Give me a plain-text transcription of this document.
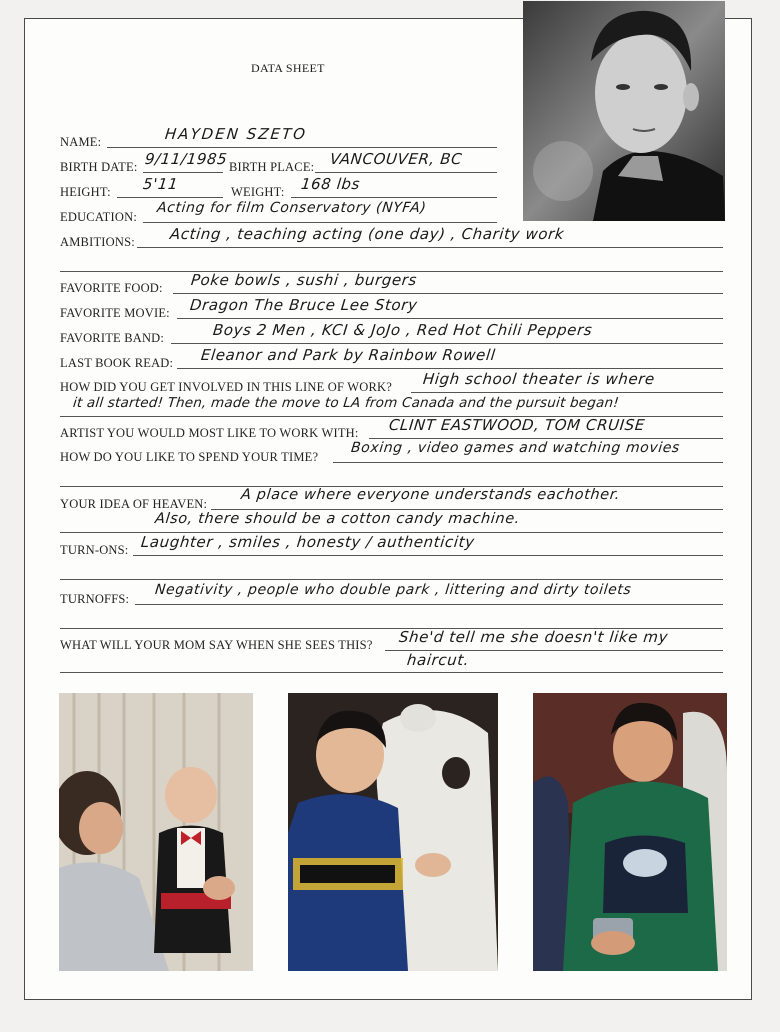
DATA SHEET
NAME:	HAYDEN SZETO
BIRTH DATE: 9/11/1985 BIRTH PLACE: VANCOUVER, BC
HEIGHT: 5'11	WEIGHT: 168 lbs
EDUCATION:
Acting for film Conservatory (NYFA)
AMBITIONS: Acting , teaching acting (one day) , Charity work
FAVORITE FOOD: Poke bowls , sushi , burgers
FAVORITE MOVIE: Dragon The Bruce Lee Story
FAVORITE BAND:	Boys 2 Men , KCI & JoJo , Red Hot Chili Peppers
LAST BOOK READ: Eleanor and Park by Rainbow Rowell
HOW DID YOU GET INVOLVED IN THIS LINE OF WORK? High school theater is where
it all started! Then, made the move to LA from Canada and the pursuit began!
ARTIST YOU WOULD MOST LIKE TO WORK WITH: CLINT EASTWOOD, TOM CRUISE
HOW DO YOU LIKE TO SPEND YOUR TIME?
Boxing , video games and watching movies
YOUR IDEA OF HEAVEN:
A place where everyone understands eachother.
Also, there should be a cotton candy machine.
TURN-ONS: Laughter , smiles , honesty / authenticity
TURNOFFS:
Negativity , people who double park , littering and dirty toilets
WHAT WILL YOUR MOM SAY WHEN SHE SEES THIS? She'd tell me she doesn't like my
haircut.
